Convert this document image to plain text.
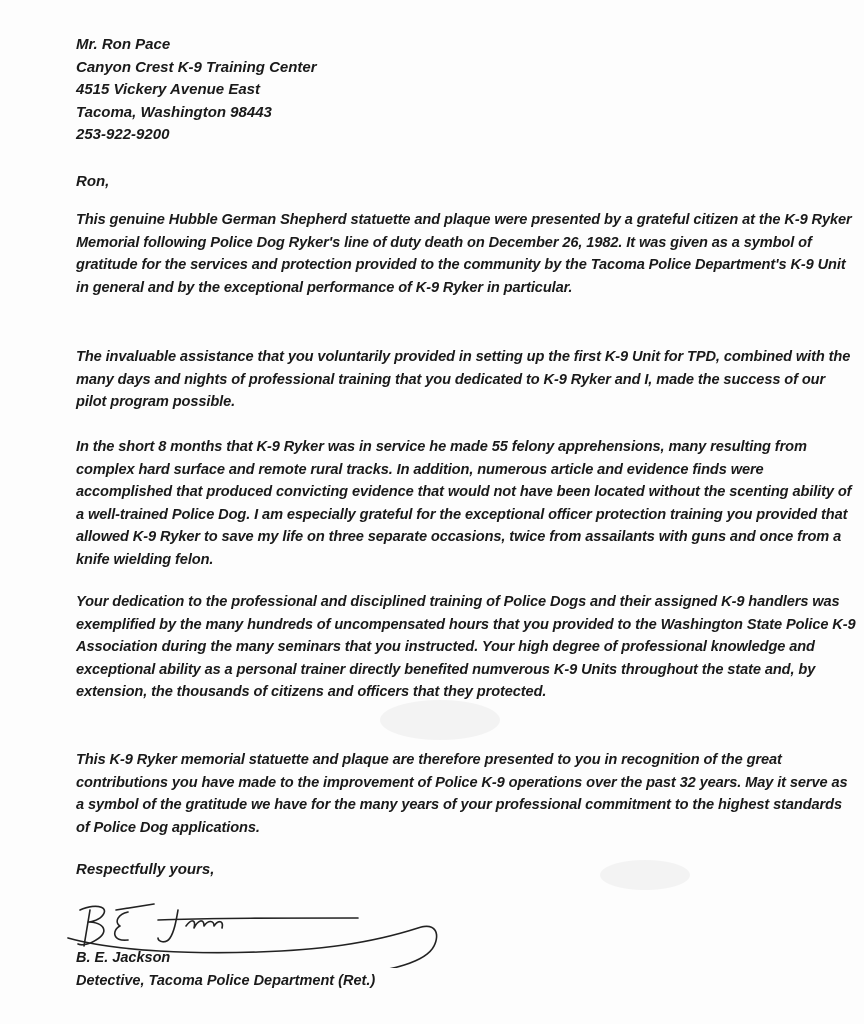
Mr. Ron Pace
Canyon Crest K-9 Training Center
4515 Vickery Avenue East
Tacoma, Washington 98443
253-922-9200
Ron,
This genuine Hubble German Shepherd statuette and plaque were presented by a grateful citizen at the K-9 Ryker Memorial following Police Dog Ryker's line of duty death on December 26, 1982. It was given as a symbol of gratitude for the services and protection provided to the community by the Tacoma Police Department's K-9 Unit in general and by the exceptional performance of K-9 Ryker in particular.
The invaluable assistance that you voluntarily provided in setting up the first K-9 Unit for TPD, combined with the many days and nights of professional training that you dedicated to K-9 Ryker and I, made the success of our pilot program possible.
In the short 8 months that K-9 Ryker was in service he made 55 felony apprehensions, many resulting from complex hard surface and remote rural tracks. In addition, numerous article and evidence finds were accomplished that produced convicting evidence that would not have been located without the scenting ability of a well-trained Police Dog. I am especially grateful for the exceptional officer protection training you provided that allowed K-9 Ryker to save my life on three separate occasions, twice from assailants with guns and once from a knife wielding felon.
Your dedication to the professional and disciplined training of Police Dogs and their assigned K-9 handlers was exemplified by the many hundreds of uncompensated hours that you provided to the Washington State Police K-9 Association during the many seminars that you instructed. Your high degree of professional knowledge and exceptional ability as a personal trainer directly benefited numverous K-9 Units throughout the state and, by extension, the thousands of citizens and officers that they protected.
This K-9 Ryker memorial statuette and plaque are therefore presented to you in recognition of the great contributions you have made to the improvement of Police K-9 operations over the past 32 years. May it serve as a symbol of the gratitude we have for the many years of your professional commitment to the highest standards of Police Dog applications.
Respectfully yours,
B. E. Jackson
Detective, Tacoma Police Department (Ret.)
